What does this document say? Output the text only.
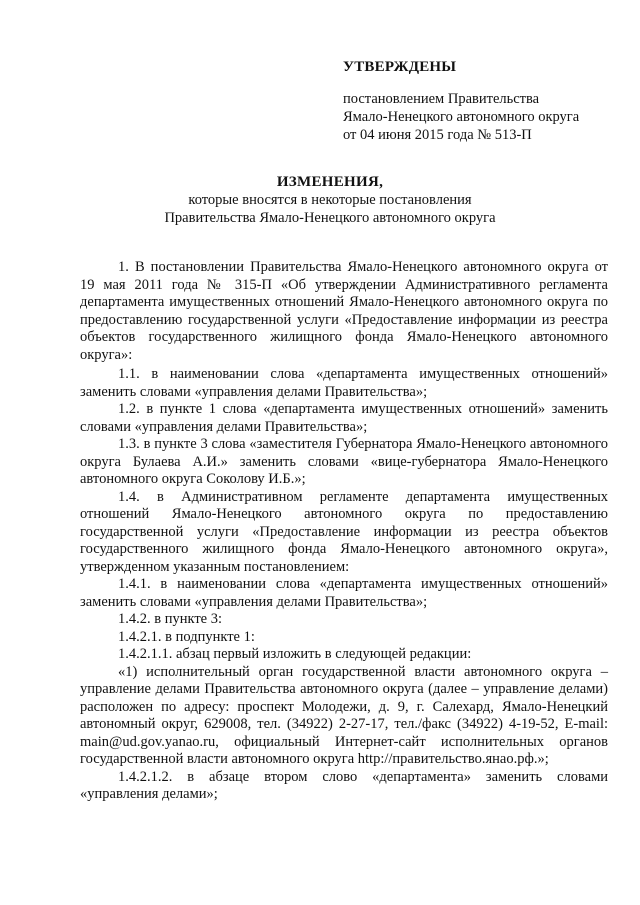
УТВЕРЖДЕНЫ
постановлением Правительства
Ямало-Ненецкого автономного округа
от 04 июня 2015 года № 513-П
ИЗМЕНЕНИЯ,
которые вносятся в некоторые постановления
Правительства Ямало-Ненецкого автономного округа

1. В постановлении Правительства Ямало-Ненецкого автономного округа от 19 мая 2011 года № 315-П «Об утверждении Административного регламента департамента имущественных отношений Ямало-Ненецкого автономного округа по предоставлению государственной услуги «Предоставление информации из реестра объектов государственного жилищного фонда Ямало-Ненецкого автономного округа»:

1.1. в наименовании слова «департамента имущественных отношений» заменить словами «управления делами Правительства»;

1.2. в пункте 1 слова «департамента имущественных отношений» заменить словами «управления делами Правительства»;

1.3. в пункте 3 слова «заместителя Губернатора Ямало-Ненецкого автономного округа Булаева А.И.» заменить словами «вице-губернатора Ямало-Ненецкого автономного округа Соколову И.Б.»;

1.4. в Административном регламенте департамента имущественных отношений Ямало-Ненецкого автономного округа по предоставлению государственной услуги «Предоставление информации из реестра объектов государственного жилищного фонда Ямало-Ненецкого автономного округа», утвержденном указанным постановлением:

1.4.1. в наименовании слова «департамента имущественных отношений» заменить словами «управления делами Правительства»;

1.4.2. в пункте 3:

1.4.2.1. в подпункте 1:

1.4.2.1.1. абзац первый изложить в следующей редакции:

«1) исполнительный орган государственной власти автономного округа – управление делами Правительства автономного округа (далее – управление делами) расположен по адресу: проспект Молодежи, д. 9, г. Салехард, Ямало-Ненецкий автономный округ, 629008, тел. (34922) 2-27-17, тел./факс (34922) 4-19-52, E-mail: main@ud.gov.yanao.ru, официальный Интернет-сайт исполнительных органов государственной власти автономного округа http://правительство.янао.рф.»;

1.4.2.1.2. в абзаце втором слово «департамента» заменить словами «управления делами»;
